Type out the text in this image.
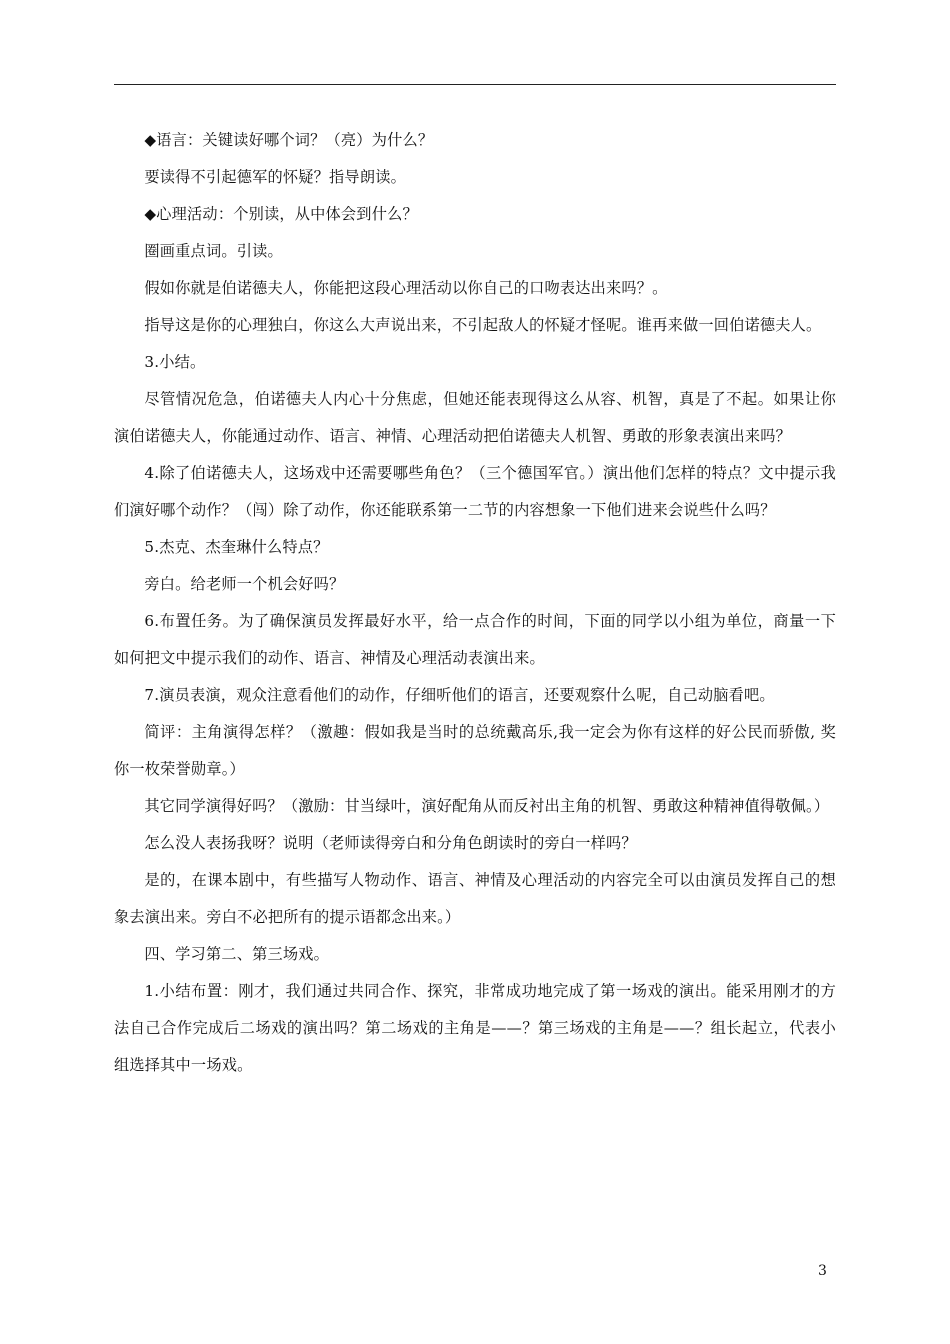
◆语言：关键读好哪个词？（亮）为什么？

要读得不引起德军的怀疑？指导朗读。

◆心理活动：个别读，从中体会到什么？

圈画重点词。引读。

假如你就是伯诺德夫人，你能把这段心理活动以你自己的口吻表达出来吗？。

指导这是你的心理独白，你这么大声说出来，不引起敌人的怀疑才怪呢。谁再来做一回伯诺德夫人。

3.小结。

尽管情况危急，伯诺德夫人内心十分焦虑，但她还能表现得这么从容、机智，真是了不起。如果让你演伯诺德夫人，你能通过动作、语言、神情、心理活动把伯诺德夫人机智、勇敢的形象表演出来吗？

4.除了伯诺德夫人，这场戏中还需要哪些角色？（三个德国军官。）演出他们怎样的特点？文中提示我们演好哪个动作？（闯）除了动作，你还能联系第一二节的内容想象一下他们进来会说些什么吗？

5.杰克、杰奎琳什么特点？

旁白。给老师一个机会好吗？

6.布置任务。为了确保演员发挥最好水平，给一点合作的时间，下面的同学以小组为单位，商量一下如何把文中提示我们的动作、语言、神情及心理活动表演出来。

7.演员表演，观众注意看他们的动作，仔细听他们的语言，还要观察什么呢，自己动脑看吧。

简评：主角演得怎样？（激趣：假如我是当时的总统戴高乐,我一定会为你有这样的好公民而骄傲, 奖你一枚荣誉勋章。）

其它同学演得好吗？（激励：甘当绿叶，演好配角从而反衬出主角的机智、勇敢这种精神值得敬佩。）

怎么没人表扬我呀？说明（老师读得旁白和分角色朗读时的旁白一样吗？

是的，在课本剧中，有些描写人物动作、语言、神情及心理活动的内容完全可以由演员发挥自己的想象去演出来。旁白不必把所有的提示语都念出来。）

四、学习第二、第三场戏。

1.小结布置：刚才，我们通过共同合作、探究，非常成功地完成了第一场戏的演出。能采用刚才的方法自己合作完成后二场戏的演出吗？第二场戏的主角是——？第三场戏的主角是——？组长起立，代表小组选择其中一场戏。

3
